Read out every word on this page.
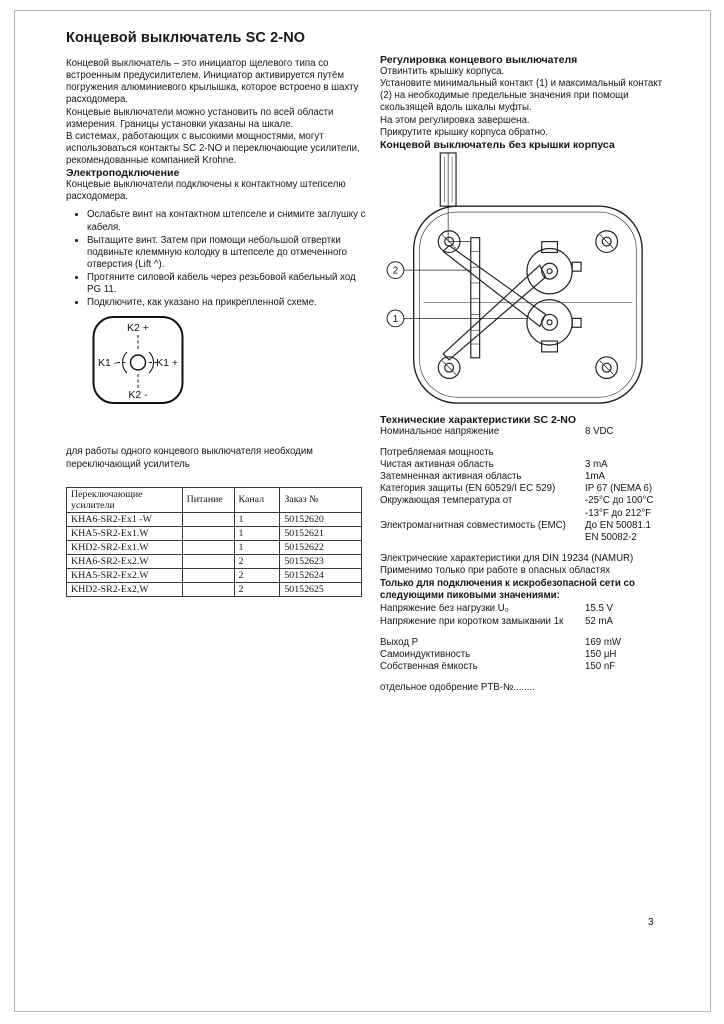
Концевой выключатель SC 2-NO

Концевой выключатель – это инициатор щелевого типа со встроенным предусилителем. Инициатор активируется путём погружения алюминиевого крылышка, которое встроено в шахту расходомера.

Концевые выключатели можно установить по всей области измерения. Границы установки указаны на шкале.

В системах, работающих с высокими мощностями, могут использоваться контакты SC 2-NO и переключающие усилители, рекомендованные компанией Krohne.

Электроподключение

Концевые выключатели подключены к контактному штепселю расходомера.

• Ослабьте винт на контактном штепселе и снимите заглушку с кабеля.
• Вытащите винт. Затем при помощи небольшой отвертки подвиньте клеммную колодку в штепселе до отмеченного отверстия (Lift ^).
• Протяните силовой кабель через резьбовой кабельный ход PG 11.
• Подключите, как указано на прикрепленной схеме.
K2 +
K1 -	K1 +
K2 -

для работы одного концевого выключателя необходим переключающий усилитель

Переключающие усилители	Питание	Канал	Заказ №
KHA6-SR2-Ex1 -W		1	50152620
KHA5-SR2-Ex1.W		1	50152621
KHD2-SR2-Ex1.W		1	50152622
KHA6-SR2-Ex2.W		2	50152623
KHA5-SR2-Ex2.W		2	50152624
KHD2-SR2-Ex2,W		2	50152625
Регулировка концевого выключателя

Отвинтить крышку корпуса.

Установите минимальный контакт (1) и максимальный контакт (2) на необходимые предельные значения при помощи скользящей вдоль шкалы муфты.

На этом регулировка завершена.

Прикрутите крышку корпуса обратно.

Концевой выключатель без крышки корпуса
2
1
Технические характеристики SC 2-NO
Номинальное напряжение	8 VDC
Потребляемая мощность
Чистая активная область	3 mA
Затемненная активная область	1mA
Категория защиты (EN 60529/I ЕС 529)	IP 67 (NEMA 6)
Окружающая температура от	-25°C до 100°C
-13°F до 212°F
Электромагнитная совместимость (EMC)	До EN 50081.1
EN 50082-2

Электрические характеристики для DIN 19234 (NAMUR)

Применимо только при работе в опасных областях

Только для подключения к искробезопасной сети со следующими пиковыми значениями:

Напряжение без нагрузки U₀	15.5 V
Напряжение при коротком замыкании 1к	52 mA
Выход P	169 mW
Самоиндуктивность	150 μH
Собственная ёмкость	150 nF

отдельное одобрение PTB-№........

3
